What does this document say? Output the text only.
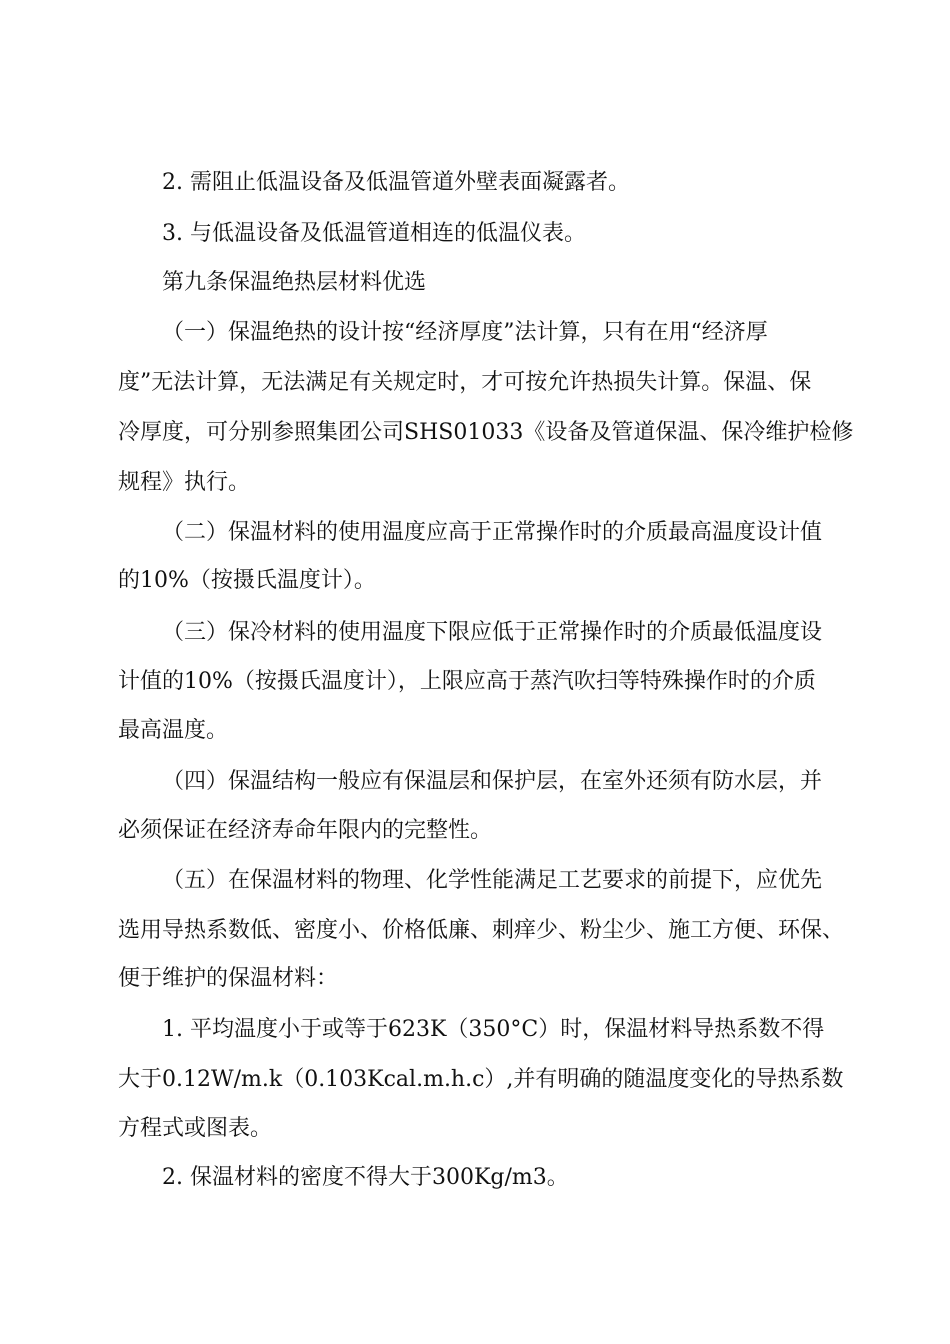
2. 需阻止低温设备及低温管道外壁表面凝露者。

3. 与低温设备及低温管道相连的低温仪表。

第九条保温绝热层材料优选

（一）保温绝热的设计按“经济厚度”法计算，只有在用“经济厚

度”无法计算，无法满足有关规定时，才可按允许热损失计算。保温、保

冷厚度，可分别参照集团公司SHS01033《设备及管道保温、保冷维护检修

规程》执行。

（二）保温材料的使用温度应高于正常操作时的介质最高温度设计值

的10%（按摄氏温度计）。

（三）保冷材料的使用温度下限应低于正常操作时的介质最低温度设

计值的10%（按摄氏温度计），上限应高于蒸汽吹扫等特殊操作时的介质

最高温度。

（四）保温结构一般应有保温层和保护层，在室外还须有防水层，并

必须保证在经济寿命年限内的完整性。

（五）在保温材料的物理、化学性能满足工艺要求的前提下，应优先

选用导热系数低、密度小、价格低廉、刺痒少、粉尘少、施工方便、环保、

便于维护的保温材料：

1. 平均温度小于或等于623K（350°C）时，保温材料导热系数不得

大于0.12W/m.k（0.103Kcal.m.h.c）,并有明确的随温度变化的导热系数

方程式或图表。

2. 保温材料的密度不得大于300Kg/m3。
